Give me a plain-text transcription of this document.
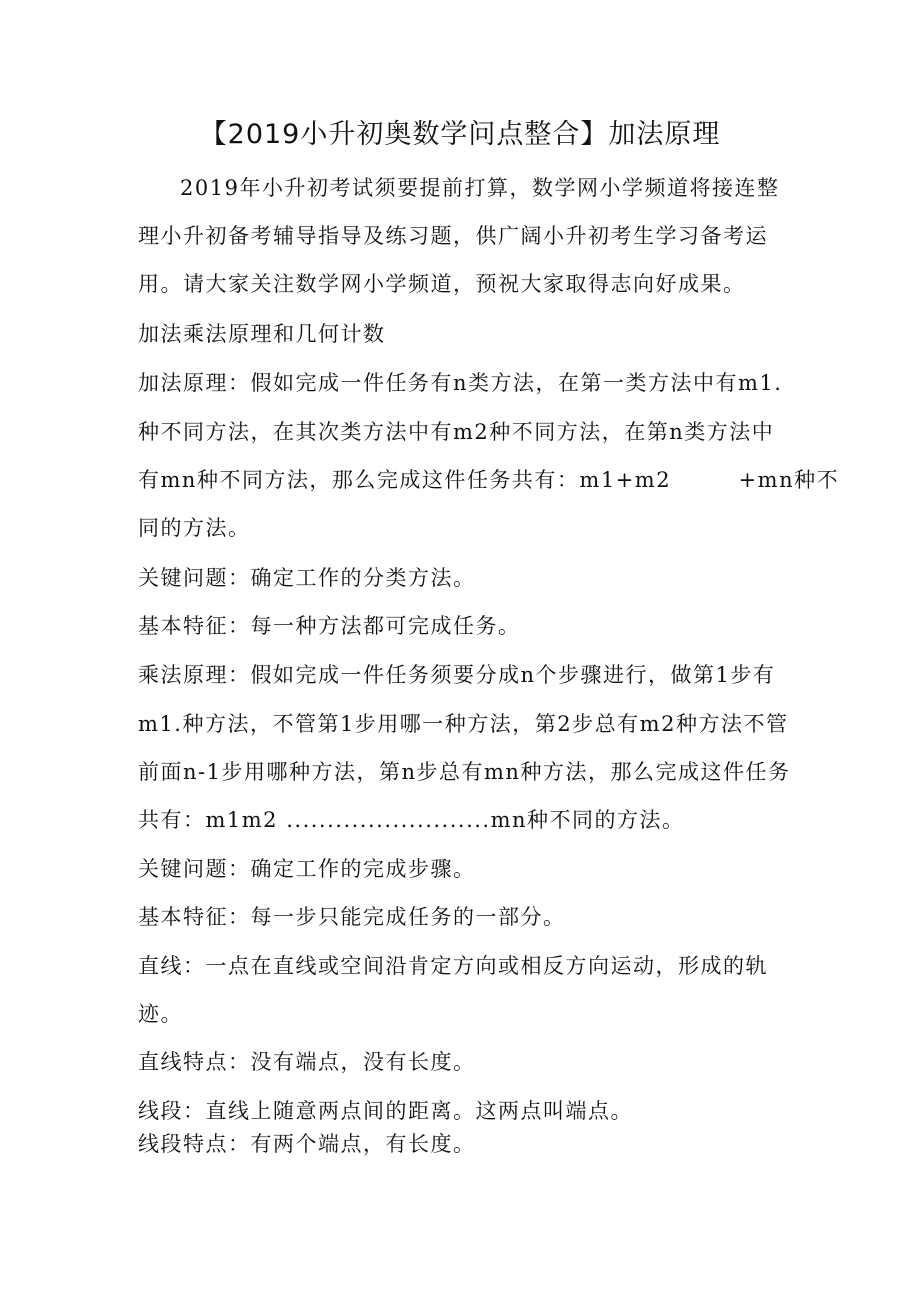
【2019小升初奥数学问点整合】加法原理
2019年小升初考试须要提前打算，数学网小学频道将接连整
理小升初备考辅导指导及练习题，供广阔小升初考生学习备考运
用。请大家关注数学网小学频道，预祝大家取得志向好成果。
加法乘法原理和几何计数
加法原理：假如完成一件任务有n类方法，在第一类方法中有m1.
种不同方法，在其次类方法中有m2种不同方法，在第n类方法中
有mn种不同方法，那么完成这件任务共有：m1+m2　　　+mn种不
同的方法。
关键问题：确定工作的分类方法。
基本特征：每一种方法都可完成任务。
乘法原理：假如完成一件任务须要分成n个步骤进行，做第1步有
m1.种方法，不管第1步用哪一种方法，第2步总有m2种方法不管
前面n-1步用哪种方法，第n步总有mn种方法，那么完成这件任务
共有：m1m2 .........................mn种不同的方法。
关键问题：确定工作的完成步骤。
基本特征：每一步只能完成任务的一部分。
直线：一点在直线或空间沿肯定方向或相反方向运动，形成的轨
迹。
直线特点：没有端点，没有长度。
线段：直线上随意两点间的距离。这两点叫端点。
线段特点：有两个端点，有长度。
